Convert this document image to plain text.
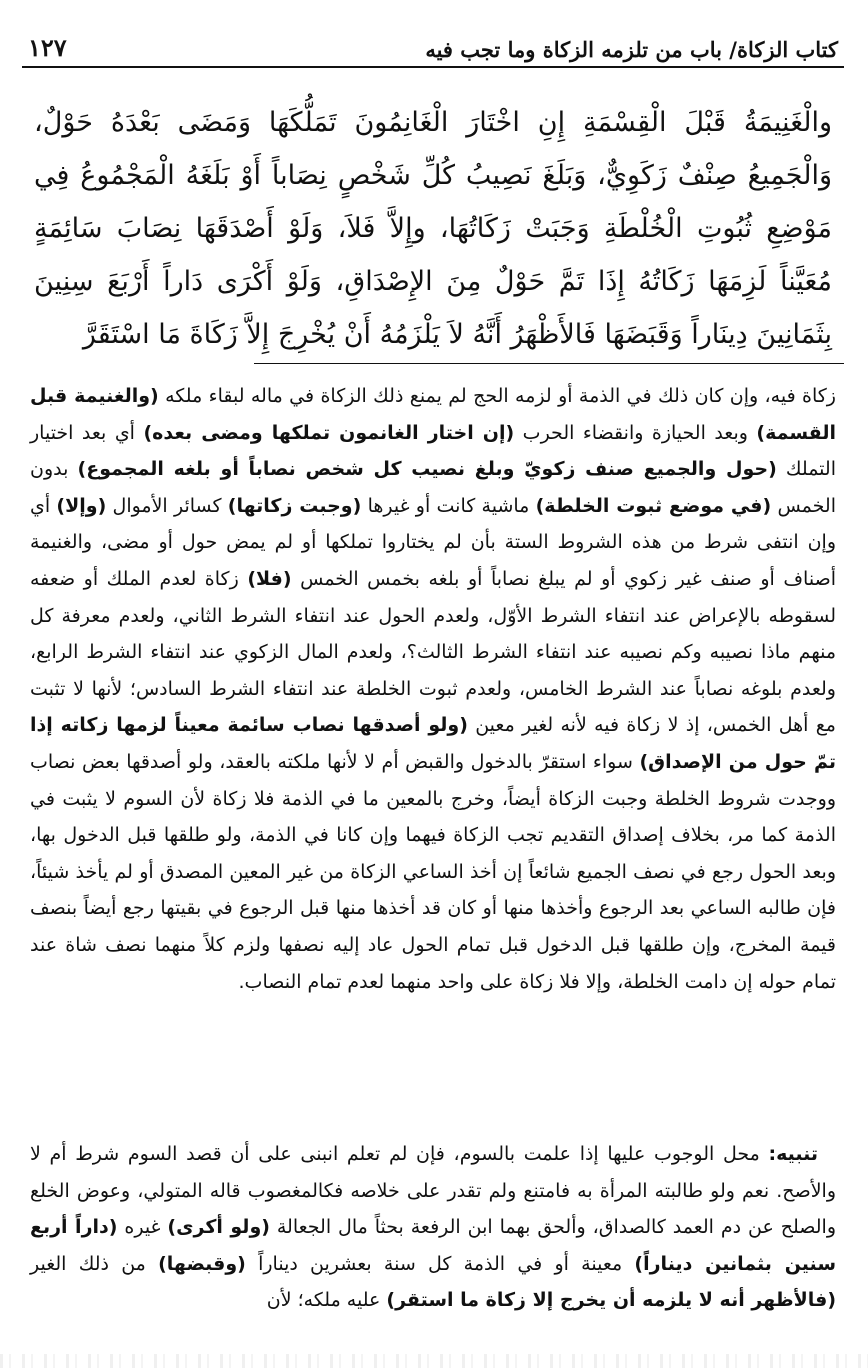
كتاب الزكاة/ باب من تلزمه الزكاة وما تجب فيه
١٢٧
والْغَنِيمَةُ قَبْلَ الْقِسْمَةِ إِنِ اخْتَارَ الْغَانِمُونَ تَمَلُّكَهَا وَمَضَى بَعْدَهُ حَوْلٌ، وَالْجَمِيعُ صِنْفٌ زَكَوِيٌّ، وَبَلَغَ نَصِيبُ كُلِّ شَخْصٍ نِصَاباً أَوْ بَلَغَهُ الْمَجْمُوعُ فِي مَوْضِعِ ثُبُوتِ الْخُلْطَةِ وَجَبَتْ زَكَاتُهَا، وإِلاَّ فَلاَ، وَلَوْ أَصْدَقَهَا نِصَابَ سَائِمَةٍ مُعَيَّناً لَزِمَهَا زَكَاتُهُ إِذَا تَمَّ حَوْلٌ مِنَ الإِصْدَاقِ، وَلَوْ أَكْرَى دَاراً أَرْبَعَ سِنِينَ بِثَمَانِينَ دِينَاراً وَقَبَضَهَا فَالأَظْهَرُ أَنَّهُ لاَ يَلْزَمُهُ أَنْ يُخْرِجَ إِلاَّ زَكَاةَ مَا اسْتَقَرَّ

زكاة فيه، وإن كان ذلك في الذمة أو لزمه الحج لم يمنع ذلك الزكاة في ماله لبقاء ملكه (والغنيمة قبل القسمة) وبعد الحيازة وانقضاء الحرب (إن اختار الغانمون تملكها ومضى بعده) أي بعد اختيار التملك (حول والجميع صنف زكويّ وبلغ نصيب كل شخص نصاباً أو بلغه المجموع) بدون الخمس (في موضع ثبوت الخلطة) ماشية كانت أو غيرها (وجبت زكاتها) كسائر الأموال (وإلا) أي وإن انتفى شرط من هذه الشروط الستة بأن لم يختاروا تملكها أو لم يمض حول أو مضى، والغنيمة أصناف أو صنف غير زكوي أو لم يبلغ نصاباً أو بلغه بخمس الخمس (فلا) زكاة لعدم الملك أو ضعفه لسقوطه بالإعراض عند انتفاء الشرط الأوّل، ولعدم الحول عند انتفاء الشرط الثاني، ولعدم معرفة كل منهم ماذا نصيبه وكم نصيبه عند انتفاء الشرط الثالث؟، ولعدم المال الزكوي عند انتفاء الشرط الرابع، ولعدم بلوغه نصاباً عند الشرط الخامس، ولعدم ثبوت الخلطة عند انتفاء الشرط السادس؛ لأنها لا تثبت مع أهل الخمس، إذ لا زكاة فيه لأنه لغير معين (ولو أصدقها نصاب سائمة معيناً لزمها زكاته إذا تمّ حول من الإصداق) سواء استقرّ بالدخول والقبض أم لا لأنها ملكته بالعقد، ولو أصدقها بعض نصاب ووجدت شروط الخلطة وجبت الزكاة أيضاً، وخرج بالمعين ما في الذمة فلا زكاة لأن السوم لا يثبت في الذمة كما مر، بخلاف إصداق التقديم تجب الزكاة فيهما وإن كانا في الذمة، ولو طلقها قبل الدخول بها، وبعد الحول رجع في نصف الجميع شائعاً إن أخذ الساعي الزكاة من غير المعين المصدق أو لم يأخذ شيئاً، فإن طالبه الساعي بعد الرجوع وأخذها منها أو كان قد أخذها منها قبل الرجوع في بقيتها رجع أيضاً بنصف قيمة المخرج، وإن طلقها قبل الدخول قبل تمام الحول عاد إليه نصفها ولزم كلاً منهما نصف شاة عند تمام حوله إن دامت الخلطة، وإلا فلا زكاة على واحد منهما لعدم تمام النصاب.

تنبيه: محل الوجوب عليها إذا علمت بالسوم، فإن لم تعلم انبنى على أن قصد السوم شرط أم لا والأصح. نعم ولو طالبته المرأة به فامتنع ولم تقدر على خلاصه فكالمغصوب قاله المتولي، وعوض الخلع والصلح عن دم العمد كالصداق، وألحق بهما ابن الرفعة بحثاً مال الجعالة (ولو أكرى) غيره (داراً أربع سنين بثمانين ديناراً) معينة أو في الذمة كل سنة بعشرين ديناراً (وقبضها) من ذلك الغير (فالأظهر أنه لا يلزمه أن يخرج إلا زكاة ما استقر) عليه ملكه؛ لأن
